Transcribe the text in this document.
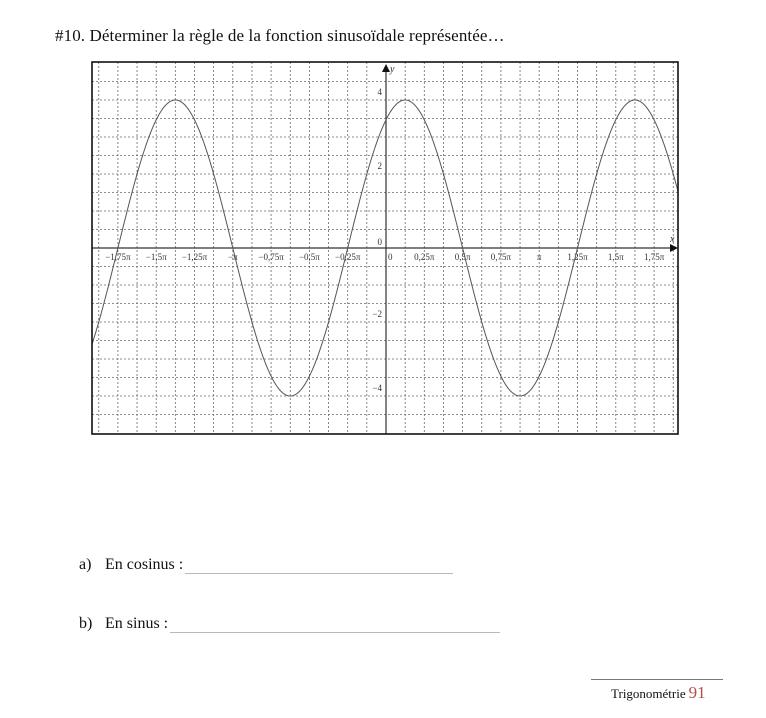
#10. Déterminer la règle de la fonction sinusoïdale représentée…
x
y
−1,75π −1,5π −1,25π −π −0,75π −0,5π −0,25π	0 0,25π 0,5π 0,75π	π	1,25π 1,5π 1,75π
4
2
0
−2
−4
a) En cosinus :
b) En sinus :
Trigonométrie 91
